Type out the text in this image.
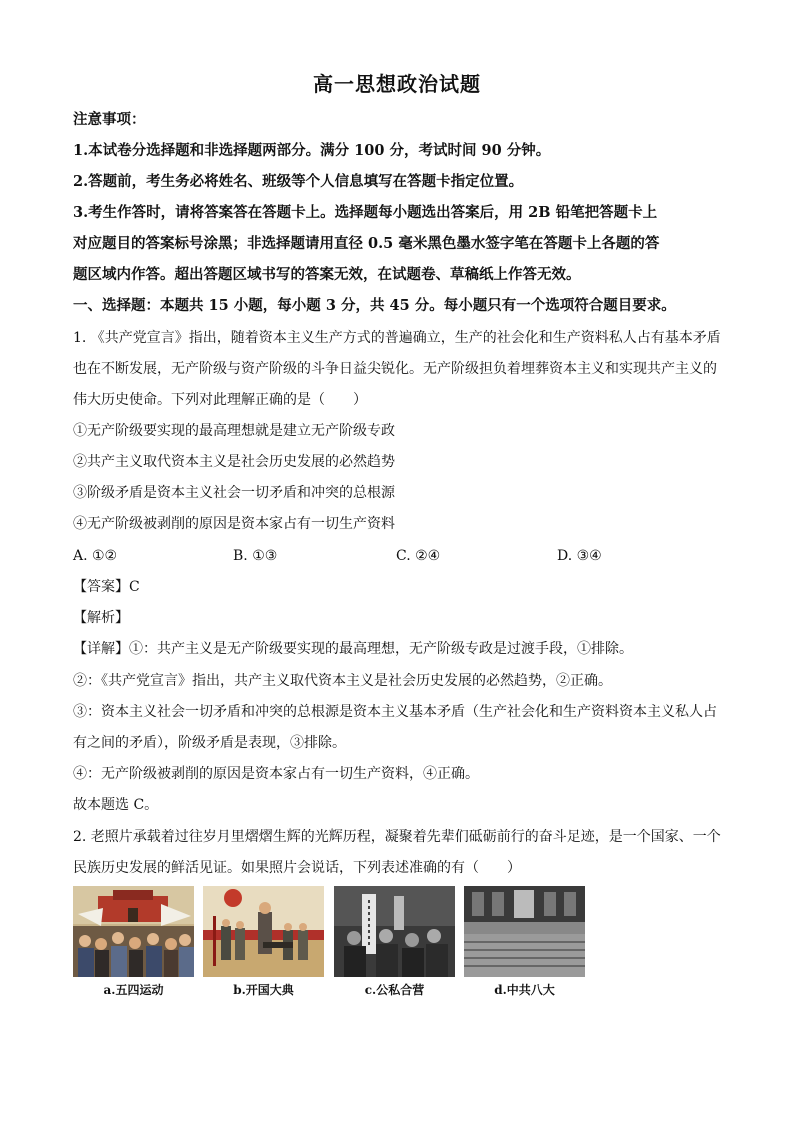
高一思想政治试题
注意事项：
1.本试卷分选择题和非选择题两部分。满分 100 分，考试时间 90 分钟。
2.答题前，考生务必将姓名、班级等个人信息填写在答题卡指定位置。
3.考生作答时，请将答案答在答题卡上。选择题每小题选出答案后，用 2B 铅笔把答题卡上
对应题目的答案标号涂黑；非选择题请用直径 0.5 毫米黑色墨水签字笔在答题卡上各题的答
题区域内作答。超出答题区域书写的答案无效，在试题卷、草稿纸上作答无效。
一、选择题：本题共 15 小题，每小题 3 分，共 45 分。每小题只有一个选项符合题目要求。
1. 《共产党宣言》指出，随着资本主义生产方式的普遍确立，生产的社会化和生产资料私人占有基本矛盾
也在不断发展，无产阶级与资产阶级的斗争日益尖锐化。无产阶级担负着埋葬资本主义和实现共产主义的
伟大历史使命。下列对此理解正确的是（　　）
①无产阶级要实现的最高理想就是建立无产阶级专政
②共产主义取代资本主义是社会历史发展的必然趋势
③阶级矛盾是资本主义社会一切矛盾和冲突的总根源
④无产阶级被剥削的原因是资本家占有一切生产资料
A. ①②	B. ①③	C. ②④	D. ③④
【答案】C
【解析】
【详解】①：共产主义是无产阶级要实现的最高理想，无产阶级专政是过渡手段，①排除。
②：《共产党宣言》指出，共产主义取代资本主义是社会历史发展的必然趋势，②正确。
③：资本主义社会一切矛盾和冲突的总根源是资本主义基本矛盾（生产社会化和生产资料资本主义私人占
有之间的矛盾），阶级矛盾是表现，③排除。
④：无产阶级被剥削的原因是资本家占有一切生产资料，④正确。
故本题选 C。
2. 老照片承载着过往岁月里熠熠生辉的光辉历程，凝聚着先辈们砥砺前行的奋斗足迹，是一个国家、一个
民族历史发展的鲜活见证。如果照片会说话，下列表述准确的有（　　）
a.五四运动	b.开国大典	c.公私合营	d.中共八大
